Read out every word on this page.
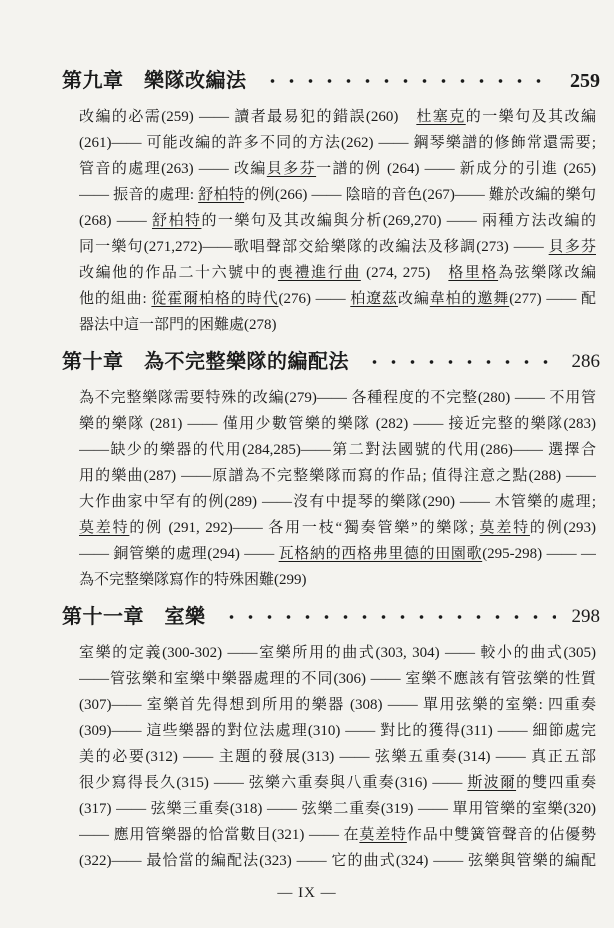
第九章　樂隊改編法	259
改編的必需(259) —— 讀者最易犯的錯誤(260)　杜塞克的一樂句及其改編
(261)—— 可能改編的許多不同的方法(262) —— 鋼琴樂譜的修飾常還需要;
管音的處理(263) —— 改編貝多芬一譜的例 (264) —— 新成分的引進 (265)
—— 振音的處理: 舒柏特的例(266) —— 陰暗的音色(267)—— 難於改編的樂句
(268) —— 舒柏特的一樂句及其改編與分析(269,270) —— 兩種方法改編的
同一樂句(271,272)——歌唱聲部交給樂隊的改編法及移調(273) —— 貝多芬
改編他的作品二十六號中的喪禮進行曲 (274, 275)　格里格為弦樂隊改編
他的組曲: 從霍爾柏格的時代(276) —— 柏遼茲改編韋柏的邀舞(277) —— 配
器法中這一部門的困難處(278)
第十章　為不完整樂隊的編配法	286
為不完整樂隊需要特殊的改編(279)—— 各種程度的不完整(280) —— 不用管
樂的樂隊 (281) —— 僅用少數管樂的樂隊 (282) —— 接近完整的樂隊(283)
——缺少的樂器的代用(284,285)——第二對法國號的代用(286)—— 選擇合
用的樂曲(287) ——原譜為不完整樂隊而寫的作品; 值得注意之點(288) ——
大作曲家中罕有的例(289) ——沒有中提琴的樂隊(290) —— 木管樂的處理;
莫差特的例 (291, 292)—— 各用一枝“獨奏管樂”的樂隊; 莫差特的例(293)
—— 銅管樂的處理(294) —— 瓦格納的西格弗里德的田園歌(295-298) —— —
為不完整樂隊寫作的特殊困難(299)
第十一章　室樂	298
室樂的定義(300-302) ——室樂所用的曲式(303, 304) —— 較小的曲式(305)
——管弦樂和室樂中樂器處理的不同(306) —— 室樂不應該有管弦樂的性質
(307)—— 室樂首先得想到所用的樂器 (308) —— 單用弦樂的室樂: 四重奏
(309)—— 這些樂器的對位法處理(310) —— 對比的獲得(311) —— 細節處完
美的必要(312) —— 主題的發展(313) —— 弦樂五重奏(314) —— 真正五部
很少寫得長久(315) —— 弦樂六重奏與八重奏(316) —— 斯波爾的雙四重奏
(317) —— 弦樂三重奏(318) —— 弦樂二重奏(319) —— 單用管樂的室樂(320)
—— 應用管樂器的恰當數目(321) —— 在莫差特作品中雙簧管聲音的佔優勢
(322)—— 最恰當的編配法(323) —— 它的曲式(324) —— 弦樂與管樂的編配
— IX —
